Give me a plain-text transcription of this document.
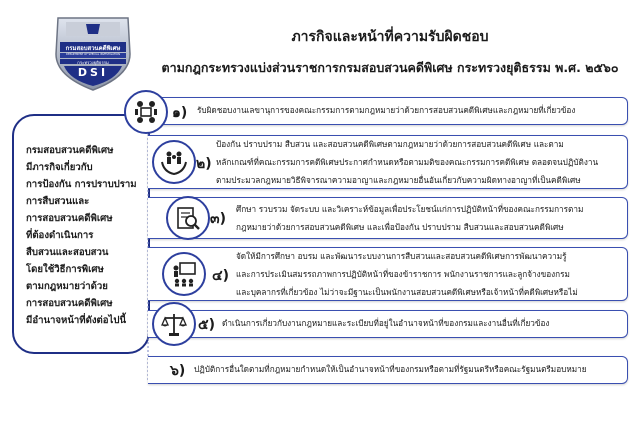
กรมสอบสวนคดีพิเศษ
DEPARTMENT OF SPECIAL INVESTIGATION
กระทรวงยุติธรรม
DSI
ภารกิจและหน้าที่ความรับผิดชอบ
ตามกฎกระทรวงแบ่งส่วนราชการกรมสอบสวนคดีพิเศษ กระทรวงยุติธรรม พ.ศ. ๒๕๖๐
กรมสอบสวนคดีพิเศษ
มีภารกิจเกี่ยวกับ
การป้องกัน การปราบปราม
การสืบสวนและ
การสอบสวนคดีพิเศษ
ที่ต้องดำเนินการ
สืบสวนและสอบสวน
โดยใช้วิธีการพิเศษ
ตามกฎหมายว่าด้วย
การสอบสวนคดีพิเศษ
มีอำนาจหน้าที่ดังต่อไปนี้
๑) รับผิดชอบงานเลขานุการของคณะกรรมการตามกฎหมายว่าด้วยการสอบสวนคดีพิเศษและกฎหมายที่เกี่ยวข้อง
๒)
ป้องกัน ปราบปราม สืบสวน และสอบสวนคดีพิเศษตามกฎหมายว่าด้วยการสอบสวนคดีพิเศษ และตาม
หลักเกณฑ์ที่คณะกรรมการคดีพิเศษประกาศกำหนดหรือตามมติของคณะกรรมการคดีพิเศษ ตลอดจนปฏิบัติงาน
ตามประมวลกฎหมายวิธีพิจารณาความอาญาและกฎหมายอื่นอันเกี่ยวกับความผิดทางอาญาที่เป็นคดีพิเศษ
๓)
ศึกษา รวบรวม จัดระบบ และวิเคราะห์ข้อมูลเพื่อประโยชน์แก่การปฏิบัติหน้าที่ของคณะกรรมการตาม
กฎหมายว่าด้วยการสอบสวนคดีพิเศษ และเพื่อป้องกัน ปราบปราม สืบสวนและสอบสวนคดีพิเศษ
๔)
จัดให้มีการศึกษา อบรม และพัฒนาระบบงานการสืบสวนและสอบสวนคดีพิเศษการพัฒนาความรู้
และการประเมินสมรรถภาพการปฏิบัติหน้าที่ของข้าราชการ พนักงานราชการและลูกจ้างของกรม
และบุคลากรที่เกี่ยวข้อง ไม่ว่าจะมีฐานะเป็นพนักงานสอบสวนคดีพิเศษหรือเจ้าหน้าที่คดีพิเศษหรือไม่
๕) ดำเนินการเกี่ยวกับงานกฎหมายและระเบียบที่อยู่ในอำนาจหน้าที่ของกรมและงานอื่นที่เกี่ยวข้อง
๖) ปฏิบัติการอื่นใดตามที่กฎหมายกำหนดให้เป็นอำนาจหน้าที่ของกรมหรือตามที่รัฐมนตรีหรือคณะรัฐมนตรีมอบหมาย
